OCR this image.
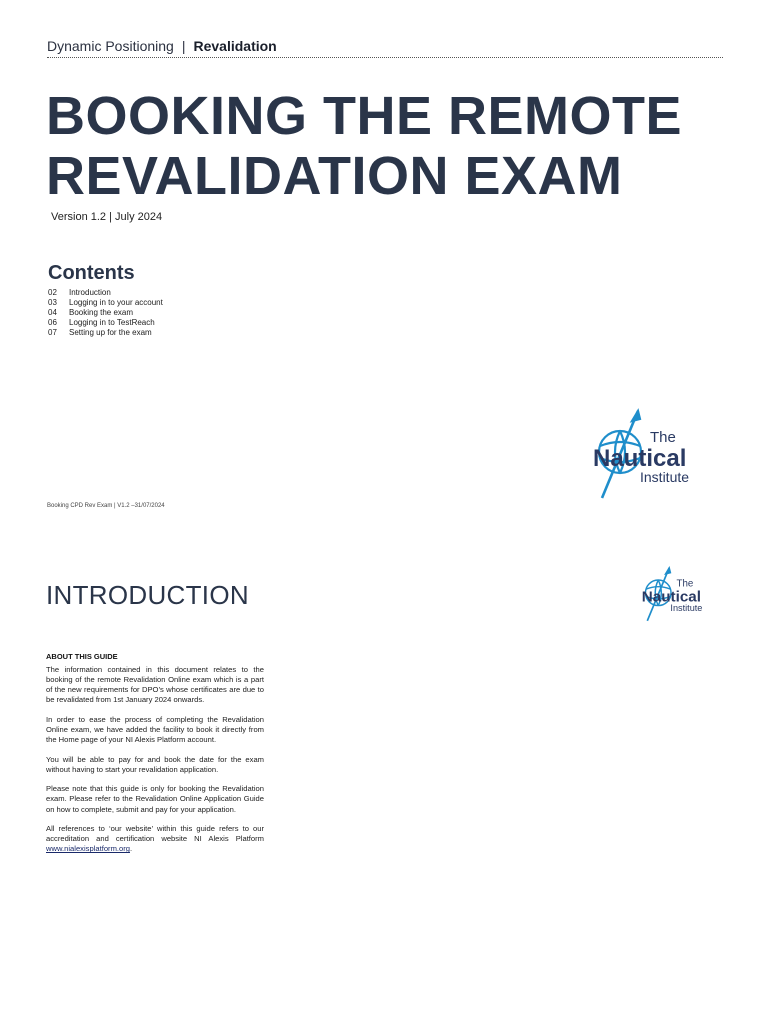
Dynamic Positioning | Revalidation
BOOKING THE REMOTE
REVALIDATION EXAM
Version 1.2 | July 2024
Contents
02 Introduction
03 Logging in to your account
04 Booking the exam
06 Logging in to TestReach
07 Setting up for the exam
The
Nautical
Institute
Booking CPD Rev Exam | V1.2 –31/07/2024
INTRODUCTION	The
Nautical
Institute
ABOUT THIS GUIDE

The information contained in this document relates to the booking of the remote Revalidation Online exam which is a part of the new requirements for DPO’s whose certificates are due to be revalidated from 1st January 2024 onwards.

In order to ease the process of completing the Revalidation Online exam, we have added the facility to book it directly from the Home page of your NI Alexis Platform account.

You will be able to pay for and book the date for the exam without having to start your revalidation application.

Please note that this guide is only for booking the Revalidation exam. Please refer to the Revalidation Online Application Guide on how to complete, submit and pay for your application.

All references to ‘our website’ within this guide refers to our accreditation and certification website NI Alexis Platform www.nialexisplatform.org.
